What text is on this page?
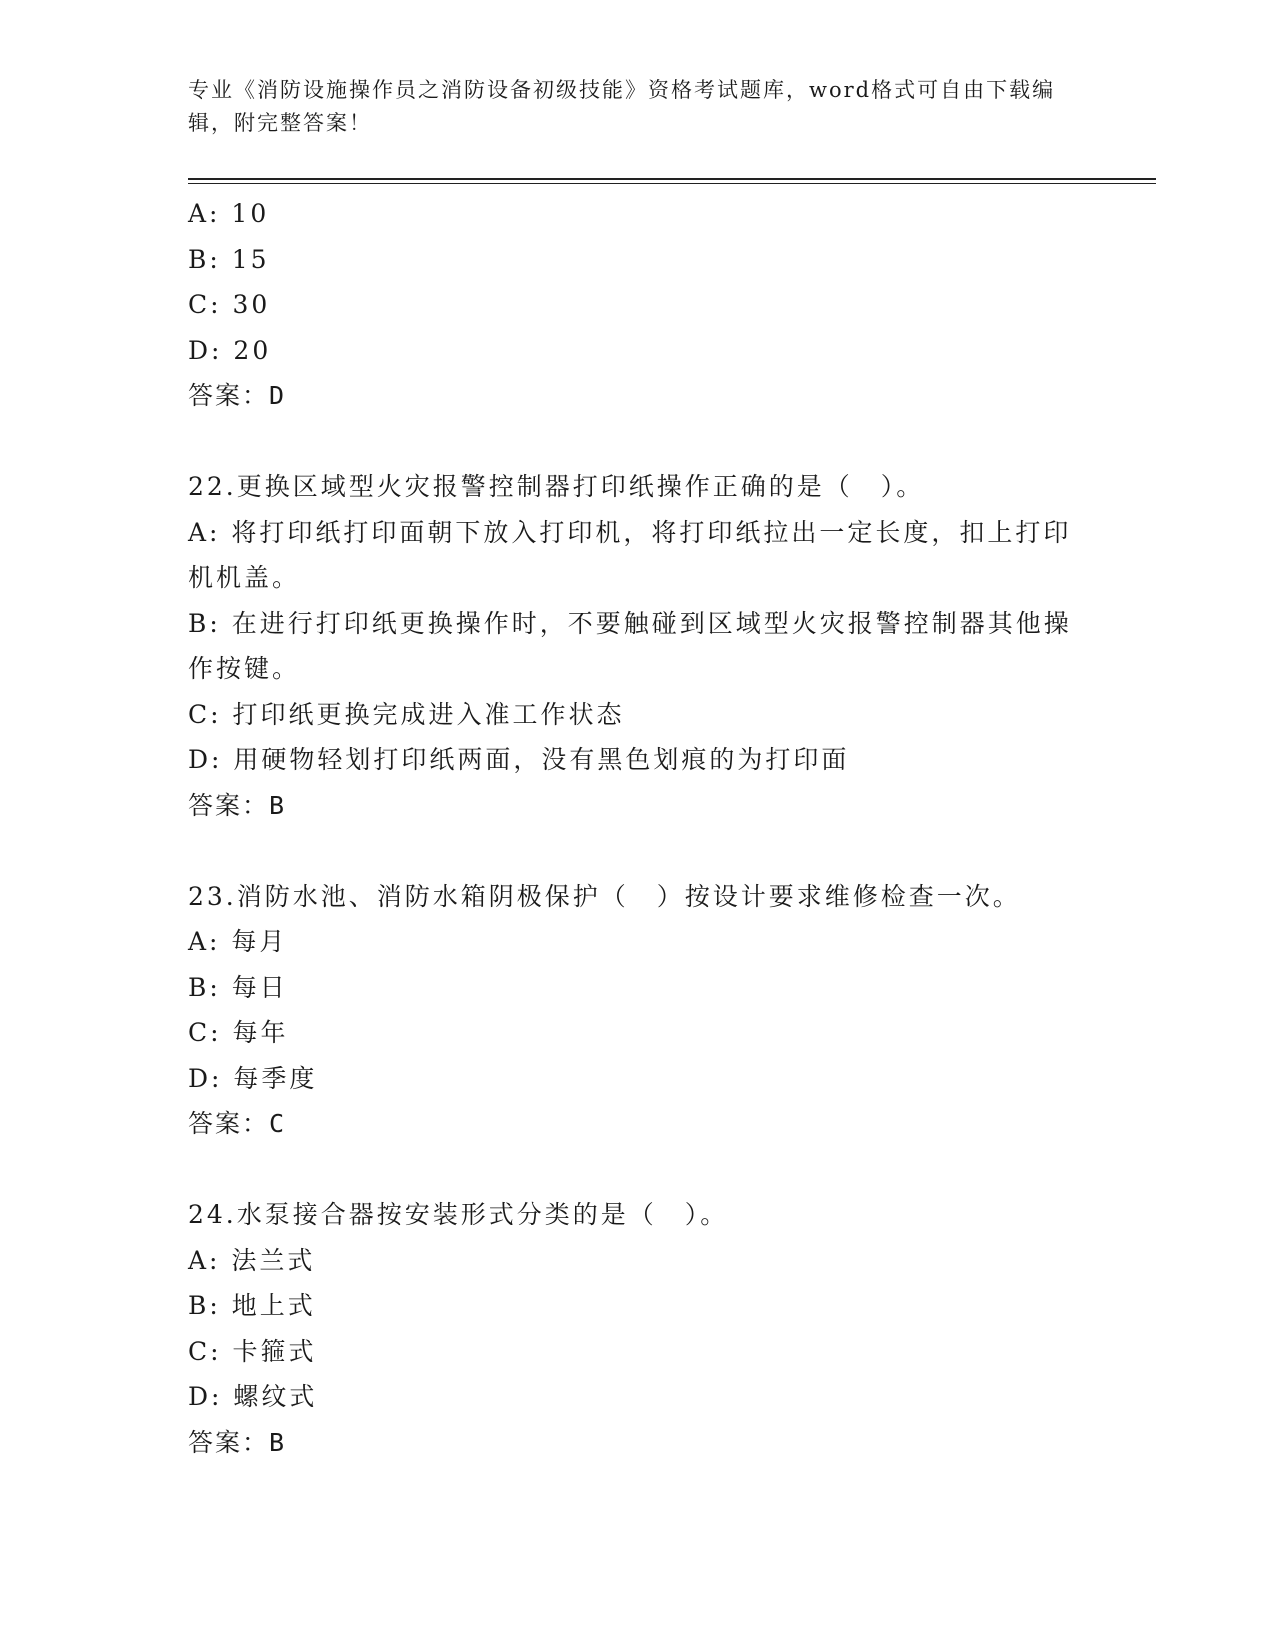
专业《消防设施操作员之消防设备初级技能》资格考试题库，word格式可自由下载编辑，附完整答案！

A: 10

B: 15

C: 30

D: 20

答案：D

22.更换区域型火灾报警控制器打印纸操作正确的是（　）。

A: 将打印纸打印面朝下放入打印机，将打印纸拉出一定长度，扣上打印机机盖。

B: 在进行打印纸更换操作时，不要触碰到区域型火灾报警控制器其他操作按键。

C: 打印纸更换完成进入准工作状态

D: 用硬物轻划打印纸两面，没有黑色划痕的为打印面

答案：B

23.消防水池、消防水箱阴极保护（　）按设计要求维修检查一次。

A: 每月

B: 每日

C: 每年

D: 每季度

答案：C

24.水泵接合器按安装形式分类的是（　）。

A: 法兰式

B: 地上式

C: 卡箍式

D: 螺纹式

答案：B
